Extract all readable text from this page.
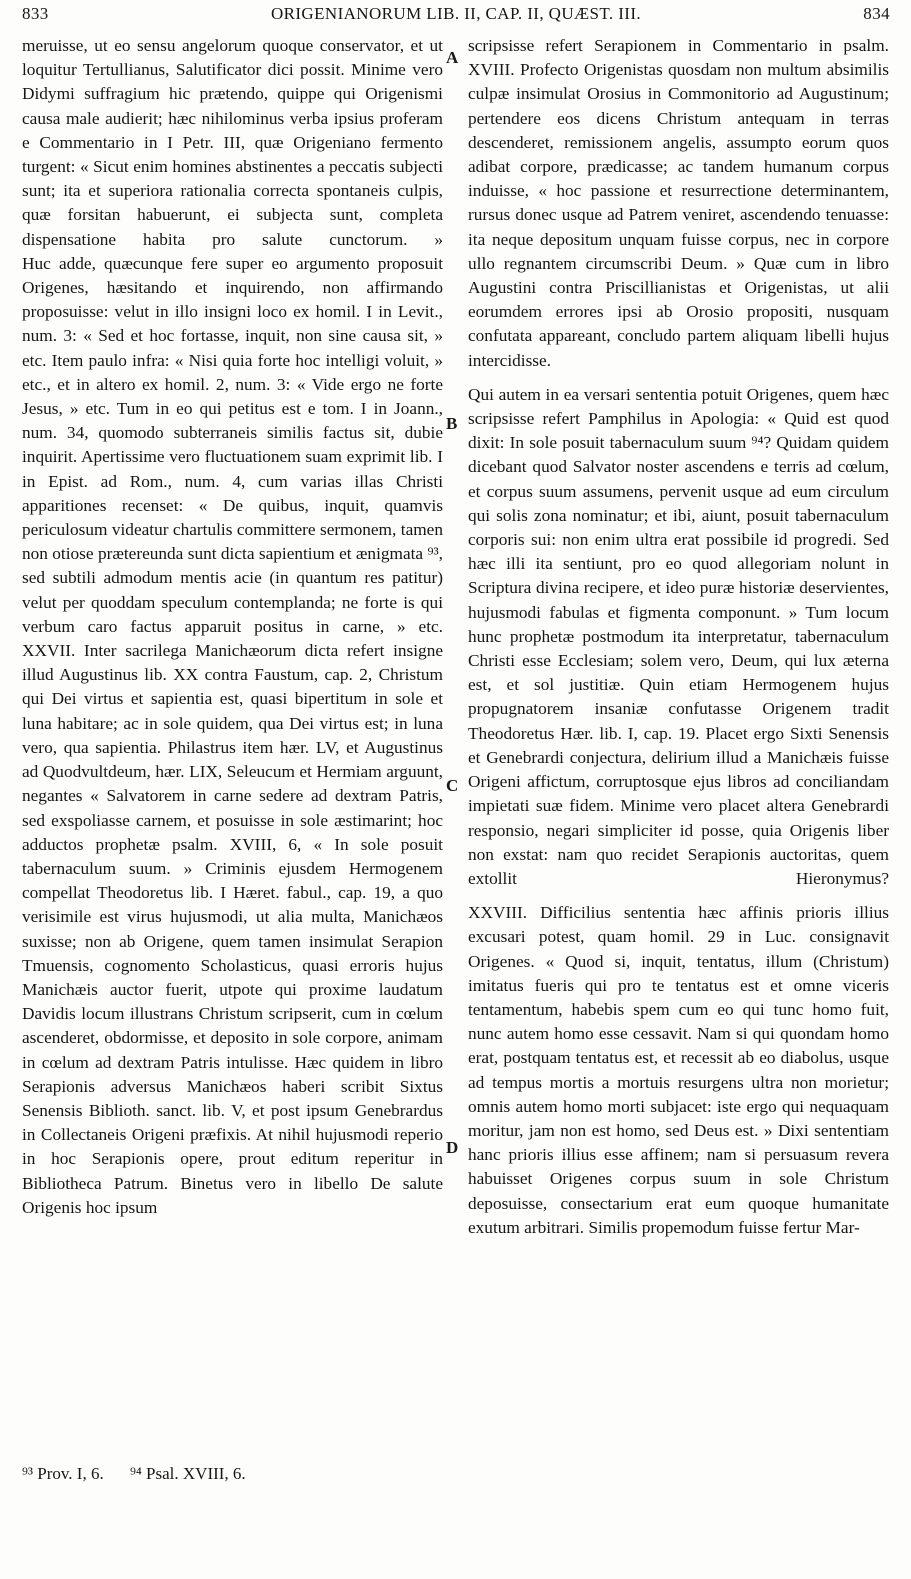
833	ORIGENIANORUM LIB. II, CAP. II, QUÆST. III.	834

meruisse, ut eo sensu angelorum quoque conservator, et ut loquitur Tertullianus, Salutificator dici possit. Minime vero Didymi suffragium hic prætendo, quippe qui Origenismi causa male audierit; hæc nihilominus verba ipsius proferam e Commentario in I Petr. III, quæ Origeniano fermento turgent: « Sicut enim homines abstinentes a peccatis subjecti sunt; ita et superiora rationalia correcta spontaneis culpis, quæ forsitan habuerunt, ei subjecta sunt, completa dispensatione habita pro salute cunctorum. »

Huc adde, quæcunque fere super eo argumento proposuit Origenes, hæsitando et inquirendo, non affirmando proposuisse: velut in illo insigni loco ex homil. I in Levit., num. 3: « Sed et hoc fortasse, inquit, non sine causa sit, » etc. Item paulo infra: « Nisi quia forte hoc intelligi voluit, » etc., et in altero ex homil. 2, num. 3: « Vide ergo ne forte Jesus, » etc. Tum in eo qui petitus est e tom. I in Joann., num. 34, quomodo subterraneis similis factus sit, dubie inquirit. Apertissime vero fluctuationem suam exprimit lib. I in Epist. ad Rom., num. 4, cum varias illas Christi apparitiones recenset: « De quibus, inquit, quamvis periculosum videatur chartulis committere sermonem, tamen non otiose prætereunda sunt dicta sapientium et ænigmata ⁹³, sed subtili admodum mentis acie (in quantum res patitur) velut per quoddam speculum contemplanda; ne forte is qui verbum caro factus apparuit positus in carne, » etc.

XXVII. Inter sacrilega Manichæorum dicta refert insigne illud Augustinus lib. XX contra Faustum, cap. 2, Christum qui Dei virtus et sapientia est, quasi bipertitum in sole et luna habitare; ac in sole quidem, qua Dei virtus est; in luna vero, qua sapientia. Philastrus item hær. LV, et Augustinus ad Quodvultdeum, hær. LIX, Seleucum et Hermiam arguunt, negantes « Salvatorem in carne sedere ad dextram Patris, sed exspoliasse carnem, et posuisse in sole æstimarint; hoc adductos prophetæ psalm. XVIII, 6, « In sole posuit tabernaculum suum. » Criminis ejusdem Hermogenem compellat Theodoretus lib. I Hæret. fabul., cap. 19, a quo verisimile est virus hujusmodi, ut alia multa, Manichæos suxisse; non ab Origene, quem tamen insimulat Serapion Tmuensis, cognomento Scholasticus, quasi erroris hujus Manichæis auctor fuerit, utpote qui proxime laudatum Davidis locum illustrans Christum scripserit, cum in cœlum ascenderet, obdormisse, et deposito in sole corpore, animam in cœlum ad dextram Patris intulisse. Hæc quidem in libro Serapionis adversus Manichæos haberi scribit Sixtus Senensis Biblioth. sanct. lib. V, et post ipsum Genebrardus in Collectaneis Origeni præfixis. At nihil hujusmodi reperio in hoc Serapionis opere, prout editum reperitur in Bibliotheca Patrum. Binetus vero in libello De salute Origenis hoc ipsum

A
B
C
D

scripsisse refert Serapionem in Commentario in psalm. XVIII. Profecto Origenistas quosdam non multum absimilis culpæ insimulat Orosius in Commonitorio ad Augustinum; pertendere eos dicens Christum antequam in terras descenderet, remissionem angelis, assumpto eorum quos adibat corpore, prædicasse; ac tandem humanum corpus induisse, « hoc passione et resurrectione determinantem, rursus donec usque ad Patrem veniret, ascendendo tenuasse: ita neque depositum unquam fuisse corpus, nec in corpore ullo regnantem circumscribi Deum. » Quæ cum in libro Augustini contra Priscillianistas et Origenistas, ut alii eorumdem errores ipsi ab Orosio propositi, nusquam confutata appareant, concludo partem aliquam libelli hujus intercidisse.

Qui autem in ea versari sententia potuit Origenes, quem hæc scripsisse refert Pamphilus in Apologia: « Quid est quod dixit: In sole posuit tabernaculum suum ⁹⁴? Quidam quidem dicebant quod Salvator noster ascendens e terris ad cœlum, et corpus suum assumens, pervenit usque ad eum circulum qui solis zona nominatur; et ibi, aiunt, posuit tabernaculum corporis sui: non enim ultra erat possibile id progredi. Sed hæc illi ita sentiunt, pro eo quod allegoriam nolunt in Scriptura divina recipere, et ideo puræ historiæ deservientes, hujusmodi fabulas et figmenta componunt. » Tum locum hunc prophetæ postmodum ita interpretatur, tabernaculum Christi esse Ecclesiam; solem vero, Deum, qui lux æterna est, et sol justitiæ. Quin etiam Hermogenem hujus propugnatorem insaniæ confutasse Origenem tradit Theodoretus Hær. lib. I, cap. 19. Placet ergo Sixti Senensis et Genebrardi conjectura, delirium illud a Manichæis fuisse Origeni affictum, corruptosque ejus libros ad conciliandam impietati suæ fidem. Minime vero placet altera Genebrardi responsio, negari simpliciter id posse, quia Origenis liber non exstat: nam quo recidet Serapionis auctoritas, quem extollit Hieronymus?

XXVIII. Difficilius sententia hæc affinis prioris illius excusari potest, quam homil. 29 in Luc. consignavit Origenes. « Quod si, inquit, tentatus, illum (Christum) imitatus fueris qui pro te tentatus est et omne viceris tentamentum, habebis spem cum eo qui tunc homo fuit, nunc autem homo esse cessavit. Nam si qui quondam homo erat, postquam tentatus est, et recessit ab eo diabolus, usque ad tempus mortis a mortuis resurgens ultra non morietur; omnis autem homo morti subjacet: iste ergo qui nequaquam moritur, jam non est homo, sed Deus est. » Dixi sententiam hanc prioris illius esse affinem; nam si persuasum revera habuisset Origenes corpus suum in sole Christum deposuisse, consectarium erat eum quoque humanitate exutum arbitrari. Similis propemodum fuisse fertur Mar-

⁹³ Prov. I, 6. ⁹⁴ Psal. XVIII, 6.
